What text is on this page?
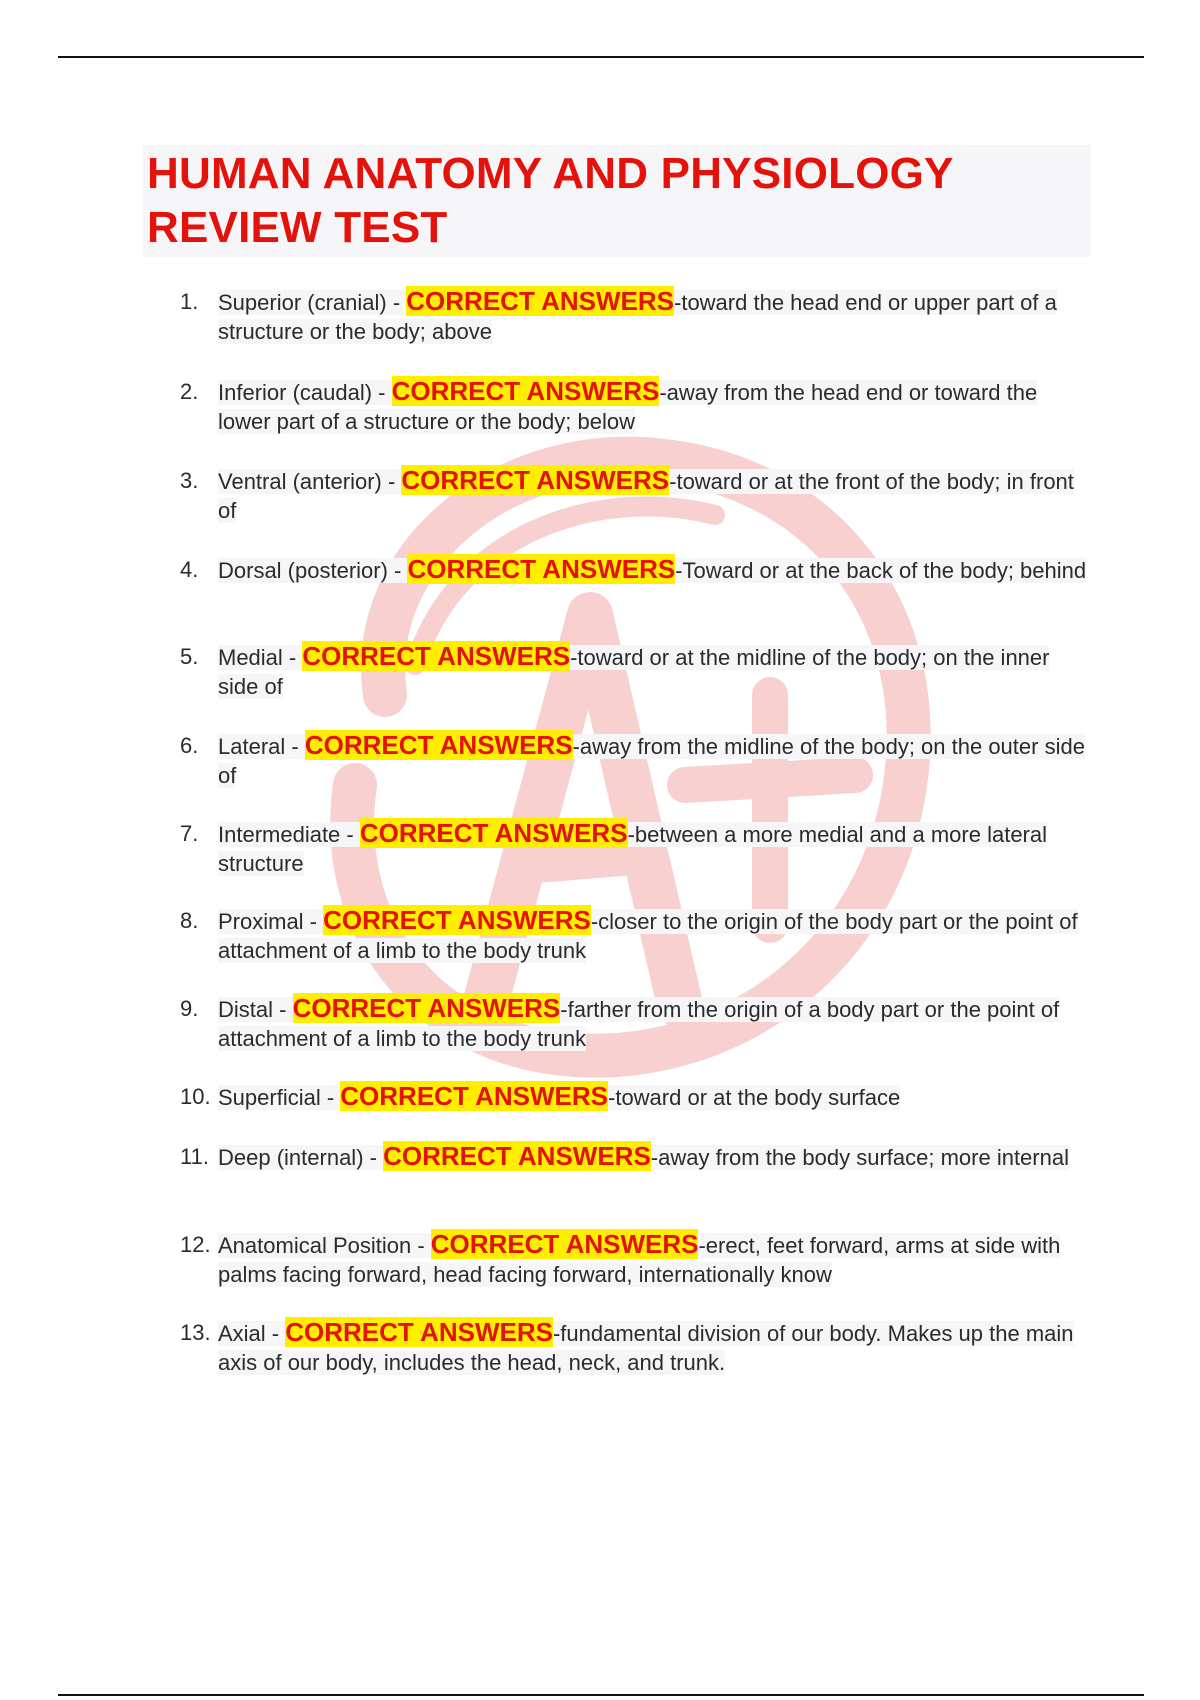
HUMAN ANATOMY AND PHYSIOLOGY REVIEW TEST
1. Superior (cranial) - CORRECT ANSWERS-toward the head end or upper part of a structure or the body; above
2. Inferior (caudal) - CORRECT ANSWERS-away from the head end or toward the lower part of a structure or the body; below
3. Ventral (anterior) - CORRECT ANSWERS-toward or at the front of the body; in front of
4. Dorsal (posterior) - CORRECT ANSWERS-Toward or at the back of the body; behind
5. Medial - CORRECT ANSWERS-toward or at the midline of the body; on the inner side of
6. Lateral - CORRECT ANSWERS-away from the midline of the body; on the outer side of
7. Intermediate - CORRECT ANSWERS-between a more medial and a more lateral structure
8. Proximal - CORRECT ANSWERS-closer to the origin of the body part or the point of attachment of a limb to the body trunk
9. Distal - CORRECT ANSWERS-farther from the origin of a body part or the point of attachment of a limb to the body trunk
10. Superficial - CORRECT ANSWERS-toward or at the body surface
11. Deep (internal) - CORRECT ANSWERS-away from the body surface; more internal
12. Anatomical Position - CORRECT ANSWERS-erect, feet forward, arms at side with palms facing forward, head facing forward, internationally know
13. Axial - CORRECT ANSWERS-fundamental division of our body. Makes up the main axis of our body, includes the head, neck, and trunk.
